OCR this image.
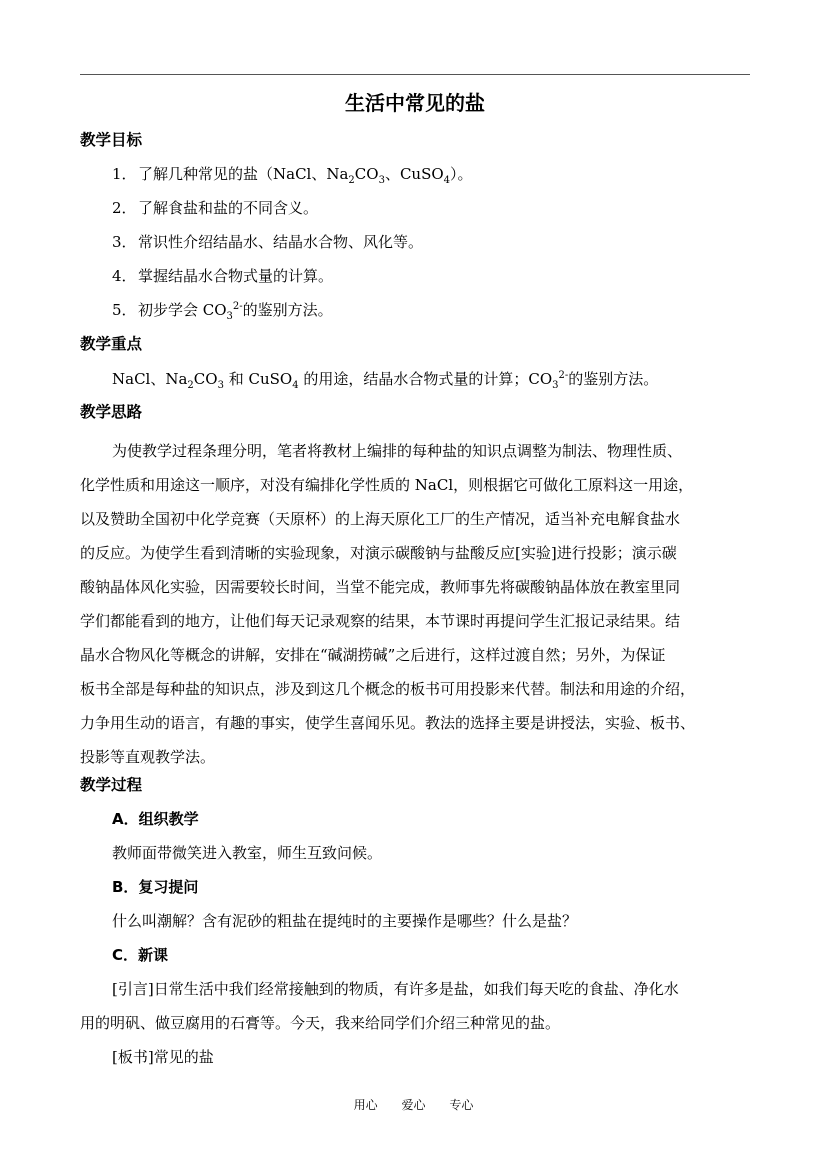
生活中常见的盐
教学目标
1．了解几种常见的盐（NaCl、$Na_2CO_3$、CuSO$_4$）。
2．了解食盐和盐的不同含义。
3．常识性介绍结晶水、结晶水合物、风化等。
4．掌握结晶水合物式量的计算。
5．初步学会 $CO_3^{2-}$的鉴别方法。
教学重点
NaCl、$Na_2CO_3$ 和 CuSO$_4$ 的用途，结晶水合物式量的计算；$CO_3^{2-}$的鉴别方法。
教学思路
为使教学过程条理分明，笔者将教材上编排的每种盐的知识点调整为制法、物理性质、
化学性质和用途这一顺序，对没有编排化学性质的 NaCl，则根据它可做化工原料这一用途，
以及赞助全国初中化学竞赛（天原杯）的上海天原化工厂的生产情况，适当补充电解食盐水
的反应。为使学生看到清晰的实验现象，对演示碳酸钠与盐酸反应[实验]进行投影；演示碳
酸钠晶体风化实验，因需要较长时间，当堂不能完成，教师事先将碳酸钠晶体放在教室里同
学们都能看到的地方，让他们每天记录观察的结果，本节课时再提问学生汇报记录结果。结
晶水合物风化等概念的讲解，安排在“碱湖捞碱”之后进行，这样过渡自然；另外，为保证
板书全部是每种盐的知识点，涉及到这几个概念的板书可用投影来代替。制法和用途的介绍，
力争用生动的语言，有趣的事实，使学生喜闻乐见。教法的选择主要是讲授法，实验、板书、
投影等直观教学法。
教学过程
A．组织教学
教师面带微笑进入教室，师生互致问候。
B．复习提问
什么叫潮解？含有泥砂的粗盐在提纯时的主要操作是哪些？什么是盐？
C．新课
[引言]日常生活中我们经常接触到的物质，有许多是盐，如我们每天吃的食盐、净化水
用的明矾、做豆腐用的石膏等。今天，我来给同学们介绍三种常见的盐。
[板书]常见的盐
用心 爱心 专心
